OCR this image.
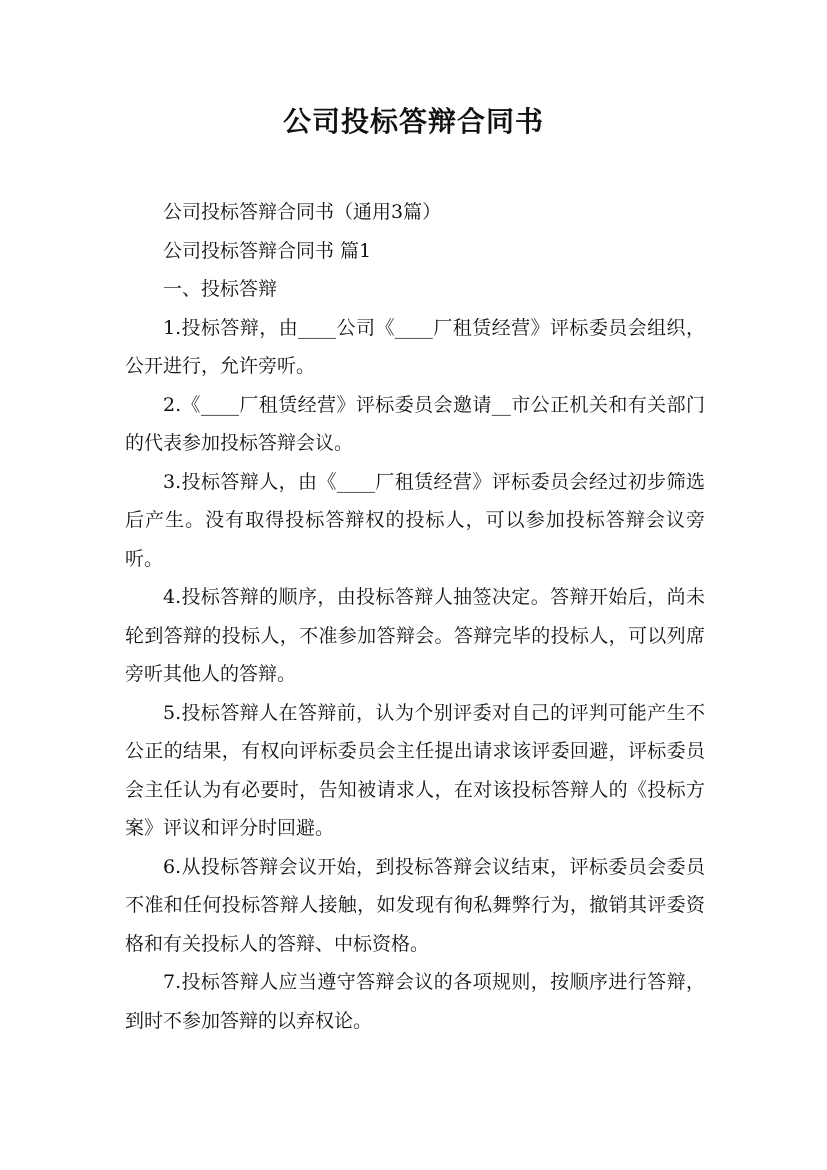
公司投标答辩合同书

公司投标答辩合同书（通用3篇）

公司投标答辩合同书 篇1

一、投标答辩

1.投标答辩，由____公司《____厂租赁经营》评标委员会组织，公开进行，允许旁听。

2.《____厂租赁经营》评标委员会邀请__市公正机关和有关部门的代表参加投标答辩会议。

3.投标答辩人，由《____厂租赁经营》评标委员会经过初步筛选后产生。没有取得投标答辩权的投标人，可以参加投标答辩会议旁听。

4.投标答辩的顺序，由投标答辩人抽签决定。答辩开始后，尚未轮到答辩的投标人，不准参加答辩会。答辩完毕的投标人，可以列席旁听其他人的答辩。

5.投标答辩人在答辩前，认为个别评委对自己的评判可能产生不公正的结果，有权向评标委员会主任提出请求该评委回避，评标委员会主任认为有必要时，告知被请求人，在对该投标答辩人的《投标方案》评议和评分时回避。

6.从投标答辩会议开始，到投标答辩会议结束，评标委员会委员不准和任何投标答辩人接触，如发现有徇私舞弊行为，撤销其评委资格和有关投标人的答辩、中标资格。

7.投标答辩人应当遵守答辩会议的各项规则，按顺序进行答辩，到时不参加答辩的以弃权论。
